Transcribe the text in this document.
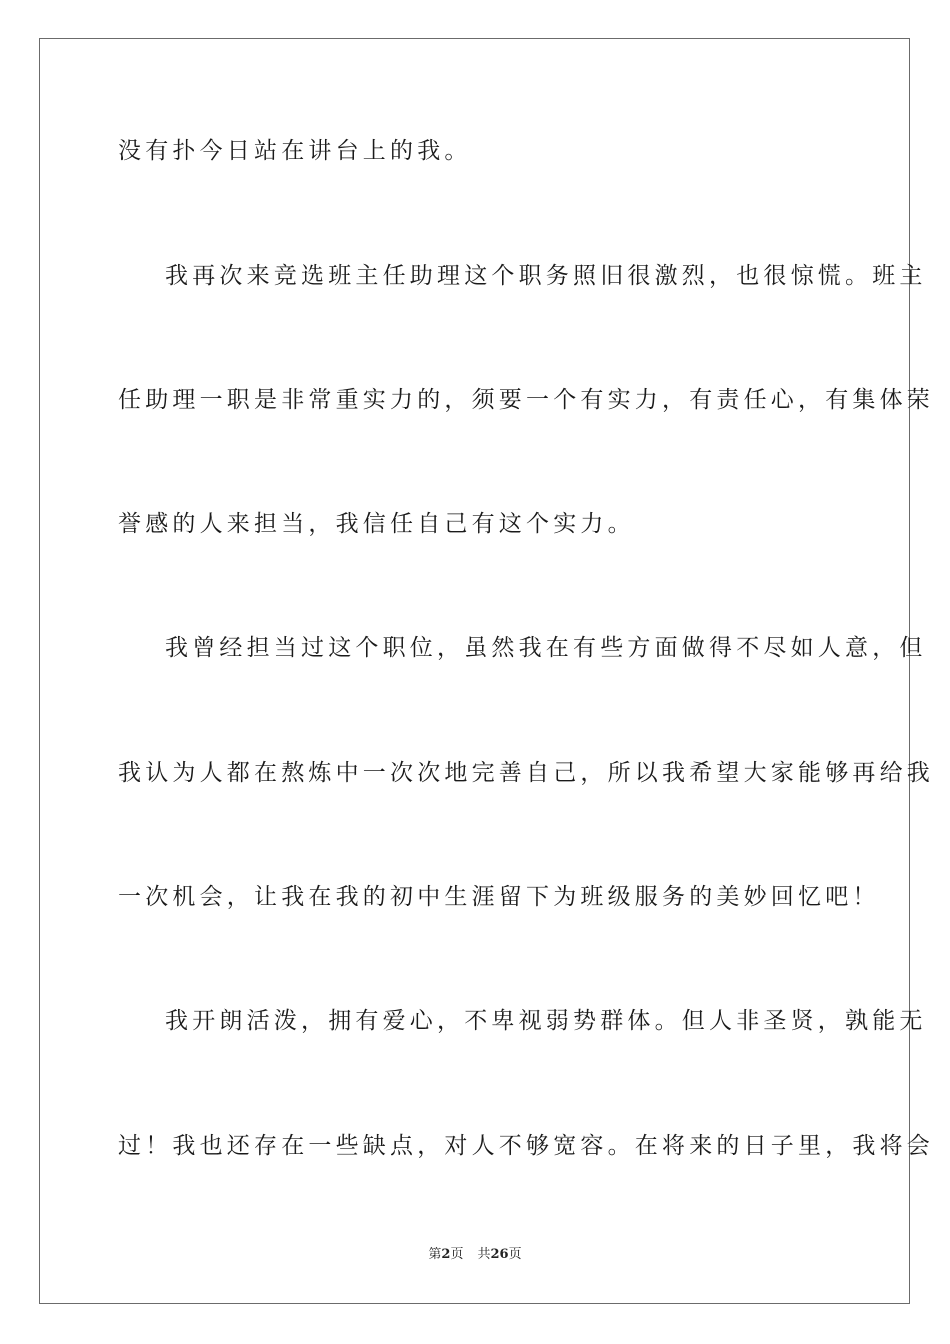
没有扑今日站在讲台上的我。
我再次来竞选班主任助理这个职务照旧很激烈，也很惊慌。班主
任助理一职是非常重实力的，须要一个有实力，有责任心，有集体荣
誉感的人来担当，我信任自己有这个实力。
我曾经担当过这个职位，虽然我在有些方面做得不尽如人意，但
我认为人都在熬炼中一次次地完善自己，所以我希望大家能够再给我
一次机会，让我在我的初中生涯留下为班级服务的美妙回忆吧！
我开朗活泼，拥有爱心，不卑视弱势群体。但人非圣贤，孰能无
过！我也还存在一些缺点，对人不够宽容。在将来的日子里，我将会
第2页 共26页
